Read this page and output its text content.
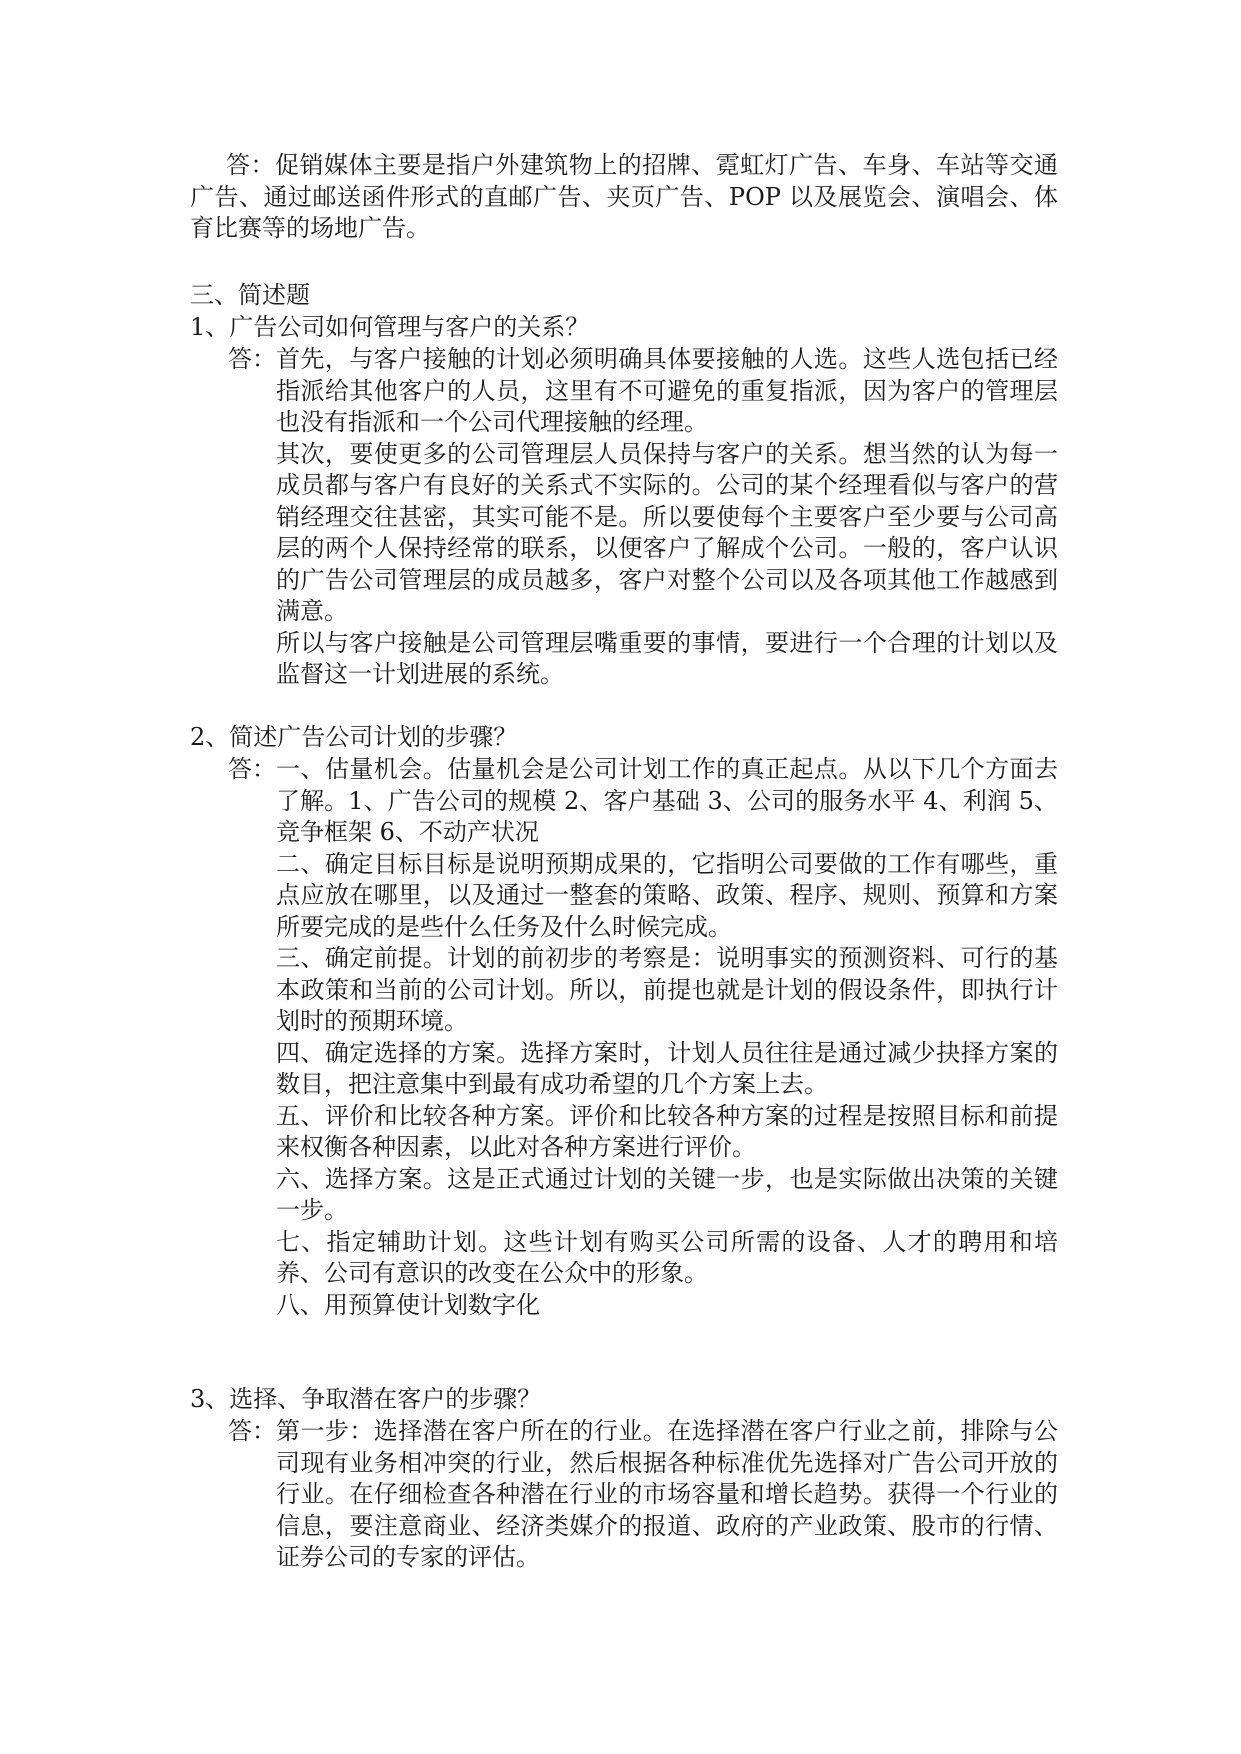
答：促销媒体主要是指户外建筑物上的招牌、霓虹灯广告、车身、车站等交通广告、通过邮送函件形式的直邮广告、夹页广告、POP 以及展览会、演唱会、体育比赛等的场地广告。

三、简述题

1、广告公司如何管理与客户的关系？

答： 首先，与客户接触的计划必须明确具体要接触的人选。这些人选包括已经指派给其他客户的人员，这里有不可避免的重复指派，因为客户的管理层也没有指派和一个公司代理接触的经理。

其次，要使更多的公司管理层人员保持与客户的关系。想当然的认为每一成员都与客户有良好的关系式不实际的。公司的某个经理看似与客户的营销经理交往甚密，其实可能不是。所以要使每个主要客户至少要与公司高层的两个人保持经常的联系，以便客户了解成个公司。一般的，客户认识的广告公司管理层的成员越多，客户对整个公司以及各项其他工作越感到满意。

所以与客户接触是公司管理层嘴重要的事情，要进行一个合理的计划以及监督这一计划进展的系统。

2、简述广告公司计划的步骤？

答： 一、估量机会。估量机会是公司计划工作的真正起点。从以下几个方面去了解。1、广告公司的规模 2、客户基础 3、公司的服务水平 4、利润 5、竞争框架 6、不动产状况

二、确定目标目标是说明预期成果的，它指明公司要做的工作有哪些，重点应放在哪里，以及通过一整套的策略、政策、程序、规则、预算和方案所要完成的是些什么任务及什么时候完成。

三、确定前提。计划的前初步的考察是：说明事实的预测资料、可行的基本政策和当前的公司计划。所以，前提也就是计划的假设条件，即执行计划时的预期环境。

四、确定选择的方案。选择方案时，计划人员往往是通过减少抉择方案的数目，把注意集中到最有成功希望的几个方案上去。

五、评价和比较各种方案。评价和比较各种方案的过程是按照目标和前提来权衡各种因素，以此对各种方案进行评价。

六、选择方案。这是正式通过计划的关键一步，也是实际做出决策的关键一步。

七、指定辅助计划。这些计划有购买公司所需的设备、人才的聘用和培养、公司有意识的改变在公众中的形象。

八、用预算使计划数字化

3、选择、争取潜在客户的步骤？

答： 第一步：选择潜在客户所在的行业。在选择潜在客户行业之前，排除与公司现有业务相冲突的行业，然后根据各种标准优先选择对广告公司开放的行业。在仔细检查各种潜在行业的市场容量和增长趋势。获得一个行业的信息，要注意商业、经济类媒介的报道、政府的产业政策、股市的行情、证券公司的专家的评估。
